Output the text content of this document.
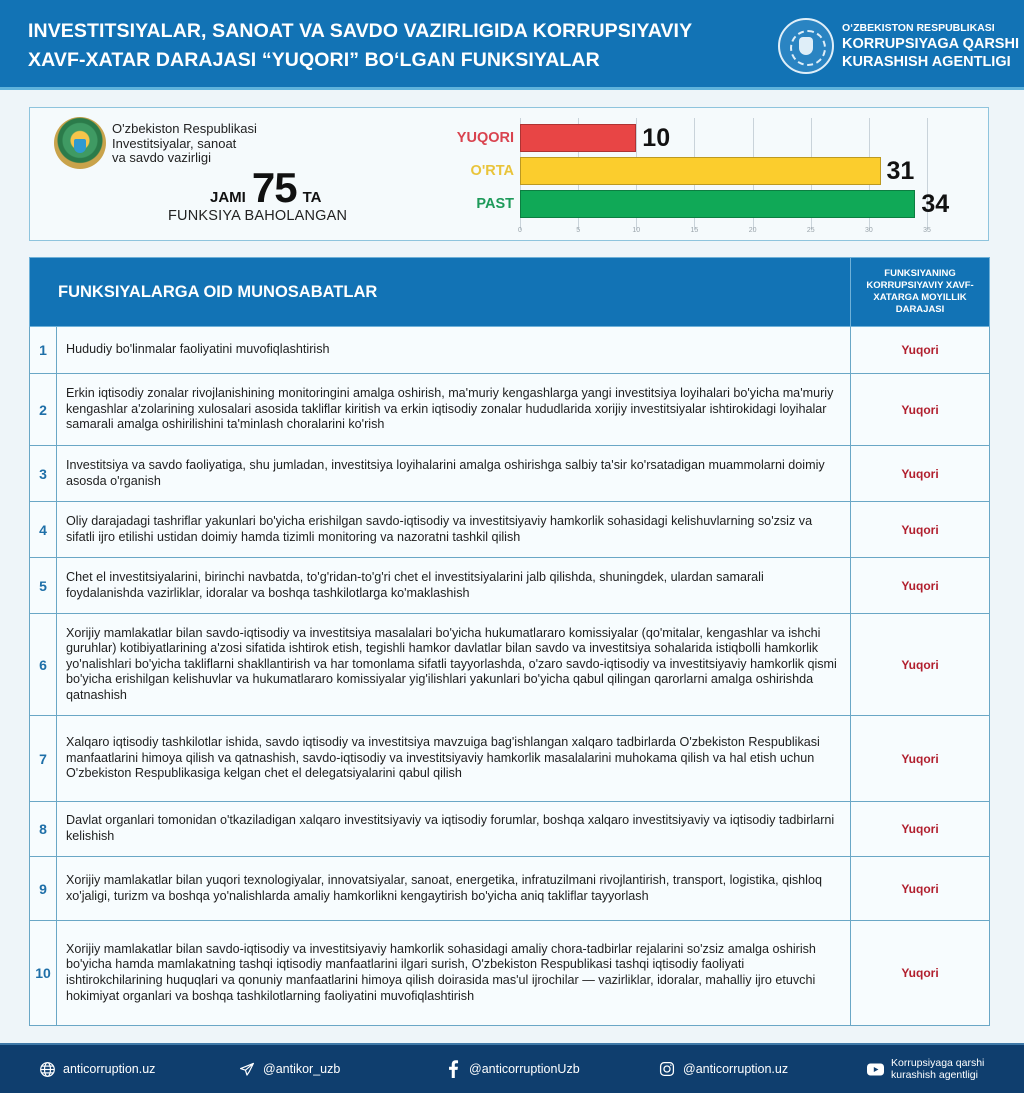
INVESTITSIYALAR, SANOAT VA SAVDO VAZIRLIGIDA KORRUPSIYAVIY
XAVF-XATAR DARAJASI “YUQORI” BO‘LGAN FUNKSIYALAR
O‘ZBEKISTON RESPUBLIKASI
KORRUPSIYAGA QARSHI
KURASHISH AGENTLIGI
O'zbekiston Respublikasi
Investitsiyalar, sanoat
va savdo vazirligi
JAMI 75 TA
FUNKSIYA BAHOLANGAN
0	5	10	15	20	25	30	35
YUQORI	10
O'RTA	31
PAST	34
FUNKSIYALARGA OID MUNOSABATLAR		FUNKSIYANING KORRUPSIYAVIY XAVF-XATARGA MOYILLIK DARAJASI
1	Hududiy bo'linmalar faoliyatini muvofiqlashtirish	Yuqori
2	Erkin iqtisodiy zonalar rivojlanishining monitoringini amalga oshirish, ma'muriy kengashlarga yangi investitsiya loyihalari bo'yicha ma'muriy kengashlar a'zolarining xulosalari asosida takliflar kiritish va erkin iqtisodiy zonalar hududlarida xorijiy investitsiyalar ishtirokidagi loyihalar samarali amalga oshirilishini ta'minlash choralarini ko'rish	Yuqori
3	Investitsiya va savdo faoliyatiga, shu jumladan, investitsiya loyihalarini amalga oshirishga salbiy ta'sir ko'rsatadigan muammolarni doimiy asosda o'rganish	Yuqori
4	Oliy darajadagi tashriflar yakunlari bo'yicha erishilgan savdo-iqtisodiy va investitsiyaviy hamkorlik sohasidagi kelishuvlarning so'zsiz va sifatli ijro etilishi ustidan doimiy hamda tizimli monitoring va nazoratni tashkil qilish	Yuqori
5	Chet el investitsiyalarini, birinchi navbatda, to'g'ridan-to'g'ri chet el investitsiyalarini jalb qilishda, shuningdek, ulardan samarali foydalanishda vazirliklar, idoralar va boshqa tashkilotlarga ko'maklashish	Yuqori
6	Xorijiy mamlakatlar bilan savdo-iqtisodiy va investitsiya masalalari bo'yicha hukumatlararo komissiyalar (qo'mitalar, kengashlar va ishchi guruhlar) kotibiyatlarining a'zosi sifatida ishtirok etish, tegishli hamkor davlatlar bilan savdo va investitsiya sohalarida istiqbolli hamkorlik yo'nalishlari bo'yicha takliflarni shakllantirish va har tomonlama sifatli tayyorlashda, o'zaro savdo-iqtisodiy va investitsiyaviy hamkorlik qismi bo'yicha erishilgan kelishuvlar va hukumatlararo komissiyalar yig'ilishlari yakunlari bo'yicha qabul qilingan qarorlarni amalga oshirishda qatnashish	Yuqori
7	Xalqaro iqtisodiy tashkilotlar ishida, savdo iqtisodiy va investitsiya mavzuiga bag'ishlangan xalqaro tadbirlarda O'zbekiston Respublikasi manfaatlarini himoya qilish va qatnashish, savdo-iqtisodiy va investitsiyaviy hamkorlik masalalarini muhokama qilish va hal etish uchun O'zbekiston Respublikasiga kelgan chet el delegatsiyalarini qabul qilish	Yuqori
8	Davlat organlari tomonidan o'tkaziladigan xalqaro investitsiyaviy va iqtisodiy forumlar, boshqa xalqaro investitsiyaviy va iqtisodiy tadbirlarni kelishish	Yuqori
9	Xorijiy mamlakatlar bilan yuqori texnologiyalar, innovatsiyalar, sanoat, energetika, infratuzilmani rivojlantirish, transport, logistika, qishloq xo'jaligi, turizm va boshqa yo'nalishlarda amaliy hamkorlikni kengaytirish bo'yicha aniq takliflar tayyorlash	Yuqori
10	Xorijiy mamlakatlar bilan savdo-iqtisodiy va investitsiyaviy hamkorlik sohasidagi amaliy chora-tadbirlar rejalarini so'zsiz amalga oshirish bo'yicha hamda mamlakatning tashqi iqtisodiy manfaatlarini ilgari surish, O'zbekiston Respublikasi tashqi iqtisodiy faoliyati ishtirokchilarining huquqlari va qonuniy manfaatlarini himoya qilish doirasida mas'ul ijrochilar — vazirliklar, idoralar, mahalliy ijro etuvchi hokimiyat organlari va boshqa tashkilotlarning faoliyatini muvofiqlashtirish	Yuqori
anticorruption.uz	@antikor_uzb	@anticorruptionUzb	@anticorruption.uz	Korrupsiyaga qarshi
kurashish agentligi
